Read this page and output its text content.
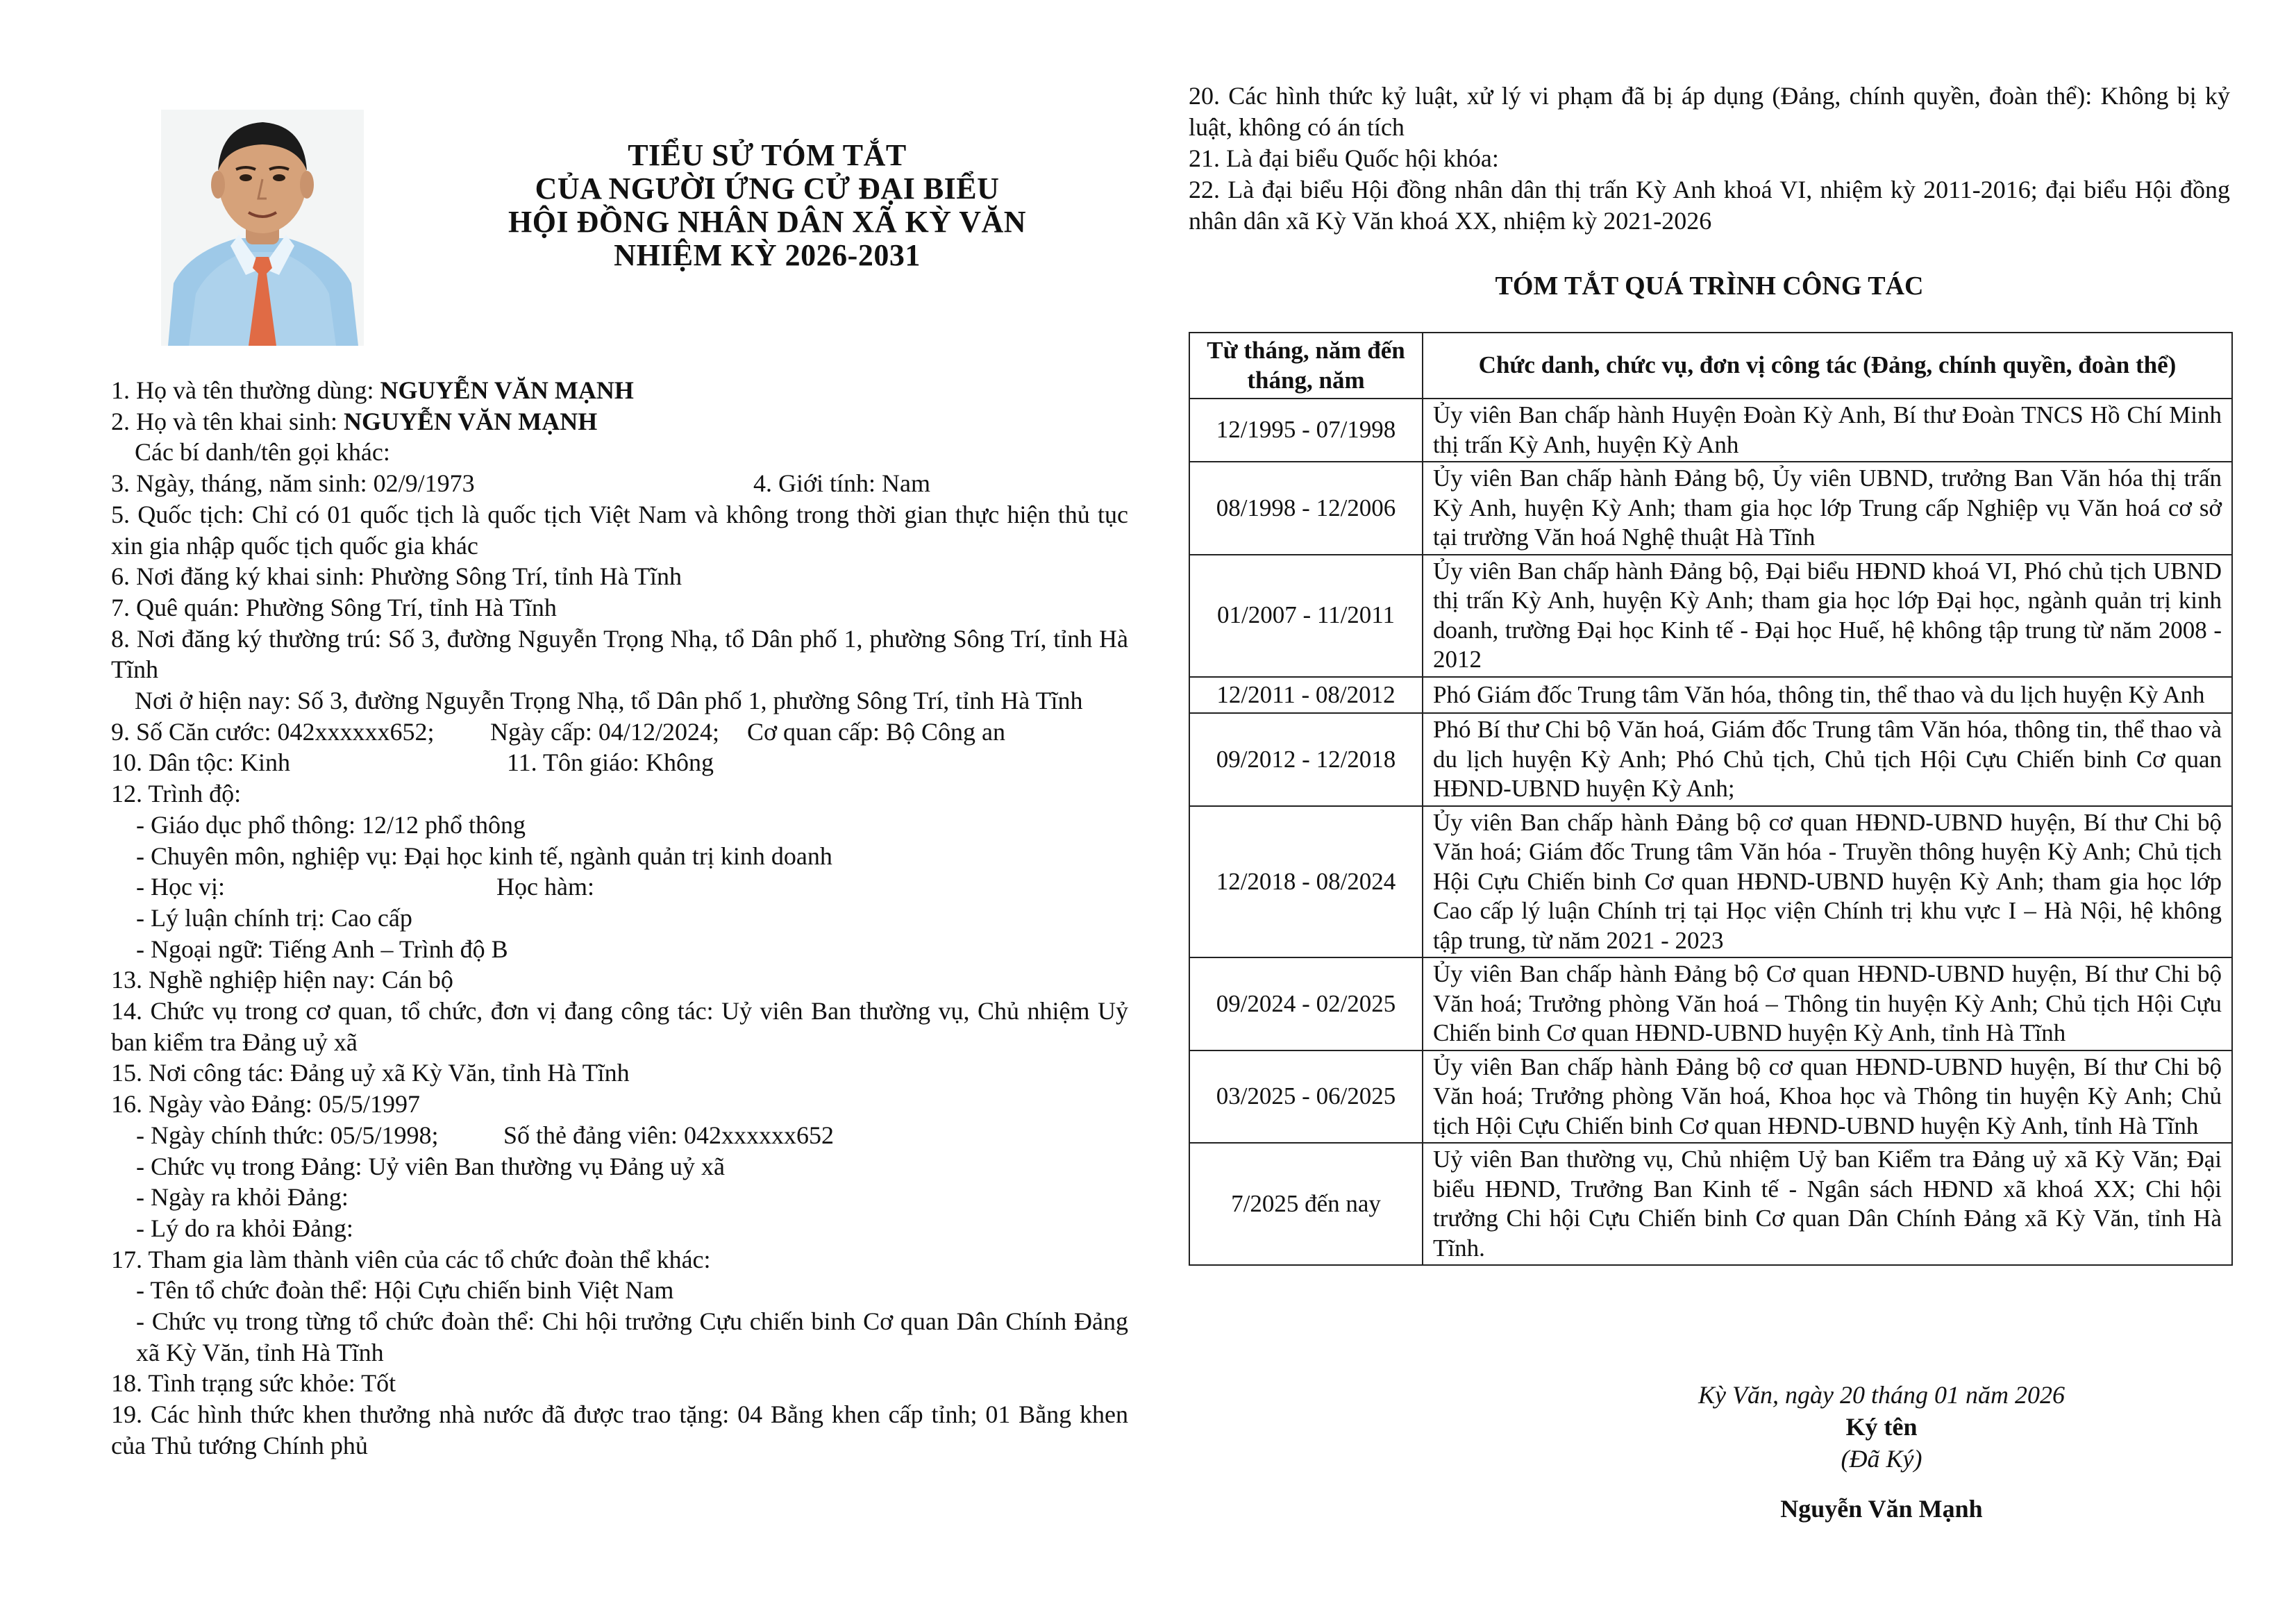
TIỂU SỬ TÓM TẮT
CỦA NGƯỜI ỨNG CỬ ĐẠI BIỂU
HỘI ĐỒNG NHÂN DÂN XÃ KỲ VĂN
NHIỆM KỲ 2026-2031

1. Họ và tên thường dùng: NGUYỄN VĂN MẠNH

2. Họ và tên khai sinh: NGUYỄN VĂN MẠNH

Các bí danh/tên gọi khác:

3. Ngày, tháng, năm sinh: 02/9/1973	4. Giới tính: Nam

5. Quốc tịch: Chỉ có 01 quốc tịch là quốc tịch Việt Nam và không trong thời gian thực hiện thủ tục xin gia nhập quốc tịch quốc gia khác

6. Nơi đăng ký khai sinh: Phường Sông Trí, tỉnh Hà Tĩnh

7. Quê quán: Phường Sông Trí, tỉnh Hà Tĩnh

8. Nơi đăng ký thường trú: Số 3, đường Nguyễn Trọng Nhạ, tổ Dân phố 1, phường Sông Trí, tỉnh Hà Tĩnh

Nơi ở hiện nay: Số 3, đường Nguyễn Trọng Nhạ, tổ Dân phố 1, phường Sông Trí, tỉnh Hà Tĩnh

9. Số Căn cước: 042xxxxxx652; Ngày cấp: 04/12/2024; Cơ quan cấp: Bộ Công an
10. Dân tộc: Kinh	11. Tôn giáo: Không

12. Trình độ:

- Giáo dục phổ thông: 12/12 phổ thông

- Chuyên môn, nghiệp vụ: Đại học kinh tế, ngành quản trị kinh doanh

- Học vị:	Học hàm:

- Lý luận chính trị: Cao cấp

- Ngoại ngữ: Tiếng Anh – Trình độ B

13. Nghề nghiệp hiện nay: Cán bộ

14. Chức vụ trong cơ quan, tổ chức, đơn vị đang công tác: Uỷ viên Ban thường vụ, Chủ nhiệm Uỷ ban kiểm tra Đảng uỷ xã

15. Nơi công tác: Đảng uỷ xã Kỳ Văn, tỉnh Hà Tĩnh

16. Ngày vào Đảng: 05/5/1997

- Ngày chính thức: 05/5/1998;	Số thẻ đảng viên: 042xxxxxx652

- Chức vụ trong Đảng: Uỷ viên Ban thường vụ Đảng uỷ xã

- Ngày ra khỏi Đảng:

- Lý do ra khỏi Đảng:

17. Tham gia làm thành viên của các tổ chức đoàn thể khác:

- Tên tổ chức đoàn thể: Hội Cựu chiến binh Việt Nam

- Chức vụ trong từng tổ chức đoàn thể: Chi hội trưởng Cựu chiến binh Cơ quan Dân Chính Đảng xã Kỳ Văn, tỉnh Hà Tĩnh

18. Tình trạng sức khỏe: Tốt

19. Các hình thức khen thưởng nhà nước đã được trao tặng: 04 Bằng khen cấp tỉnh; 01 Bằng khen của Thủ tướng Chính phủ

20. Các hình thức kỷ luật, xử lý vi phạm đã bị áp dụng (Đảng, chính quyền, đoàn thể): Không bị kỷ luật, không có án tích

21. Là đại biểu Quốc hội khóa:

22. Là đại biểu Hội đồng nhân dân thị trấn Kỳ Anh khoá VI, nhiệm kỳ 2011-2016; đại biểu Hội đồng nhân dân xã Kỳ Văn khoá XX, nhiệm kỳ 2021-2026

TÓM TẮT QUÁ TRÌNH CÔNG TÁC
Từ tháng, năm đến tháng, năm	Chức danh, chức vụ, đơn vị công tác (Đảng, chính quyền, đoàn thể)
12/1995 - 07/1998	Ủy viên Ban chấp hành Huyện Đoàn Kỳ Anh, Bí thư Đoàn TNCS Hồ Chí Minh thị trấn Kỳ Anh, huyện Kỳ Anh
08/1998 - 12/2006	Ủy viên Ban chấp hành Đảng bộ, Ủy viên UBND, trưởng Ban Văn hóa thị trấn Kỳ Anh, huyện Kỳ Anh; tham gia học lớp Trung cấp Nghiệp vụ Văn hoá cơ sở tại trường Văn hoá Nghệ thuật Hà Tĩnh
01/2007 - 11/2011	Ủy viên Ban chấp hành Đảng bộ, Đại biểu HĐND khoá VI, Phó chủ tịch UBND thị trấn Kỳ Anh, huyện Kỳ Anh; tham gia học lớp Đại học, ngành quản trị kinh doanh, trường Đại học Kinh tế - Đại học Huế, hệ không tập trung từ năm 2008 - 2012
12/2011 - 08/2012	Phó Giám đốc Trung tâm Văn hóa, thông tin, thể thao và du lịch huyện Kỳ Anh
09/2012 - 12/2018	Phó Bí thư Chi bộ Văn hoá, Giám đốc Trung tâm Văn hóa, thông tin, thể thao và du lịch huyện Kỳ Anh; Phó Chủ tịch, Chủ tịch Hội Cựu Chiến binh Cơ quan HĐND-UBND huyện Kỳ Anh;
12/2018 - 08/2024	Ủy viên Ban chấp hành Đảng bộ cơ quan HĐND-UBND huyện, Bí thư Chi bộ Văn hoá; Giám đốc Trung tâm Văn hóa - Truyền thông huyện Kỳ Anh; Chủ tịch Hội Cựu Chiến binh Cơ quan HĐND-UBND huyện Kỳ Anh; tham gia học lớp Cao cấp lý luận Chính trị tại Học viện Chính trị khu vực I – Hà Nội, hệ không tập trung, từ năm 2021 - 2023
09/2024 - 02/2025	Ủy viên Ban chấp hành Đảng bộ Cơ quan HĐND-UBND huyện, Bí thư Chi bộ Văn hoá; Trưởng phòng Văn hoá – Thông tin huyện Kỳ Anh; Chủ tịch Hội Cựu Chiến binh Cơ quan HĐND-UBND huyện Kỳ Anh, tỉnh Hà Tĩnh
03/2025 - 06/2025	Ủy viên Ban chấp hành Đảng bộ cơ quan HĐND-UBND huyện, Bí thư Chi bộ Văn hoá; Trưởng phòng Văn hoá, Khoa học và Thông tin huyện Kỳ Anh; Chủ tịch Hội Cựu Chiến binh Cơ quan HĐND-UBND huyện Kỳ Anh, tỉnh Hà Tĩnh
7/2025 đến nay	Uỷ viên Ban thường vụ, Chủ nhiệm Uỷ ban Kiểm tra Đảng uỷ xã Kỳ Văn; Đại biểu HĐND, Trưởng Ban Kinh tế - Ngân sách HĐND xã khoá XX; Chi hội trưởng Chi hội Cựu Chiến binh Cơ quan Dân Chính Đảng xã Kỳ Văn, tỉnh Hà Tĩnh.
Kỳ Văn, ngày 20 tháng 01 năm 2026
Ký tên
(Đã Ký)
Nguyễn Văn Mạnh
